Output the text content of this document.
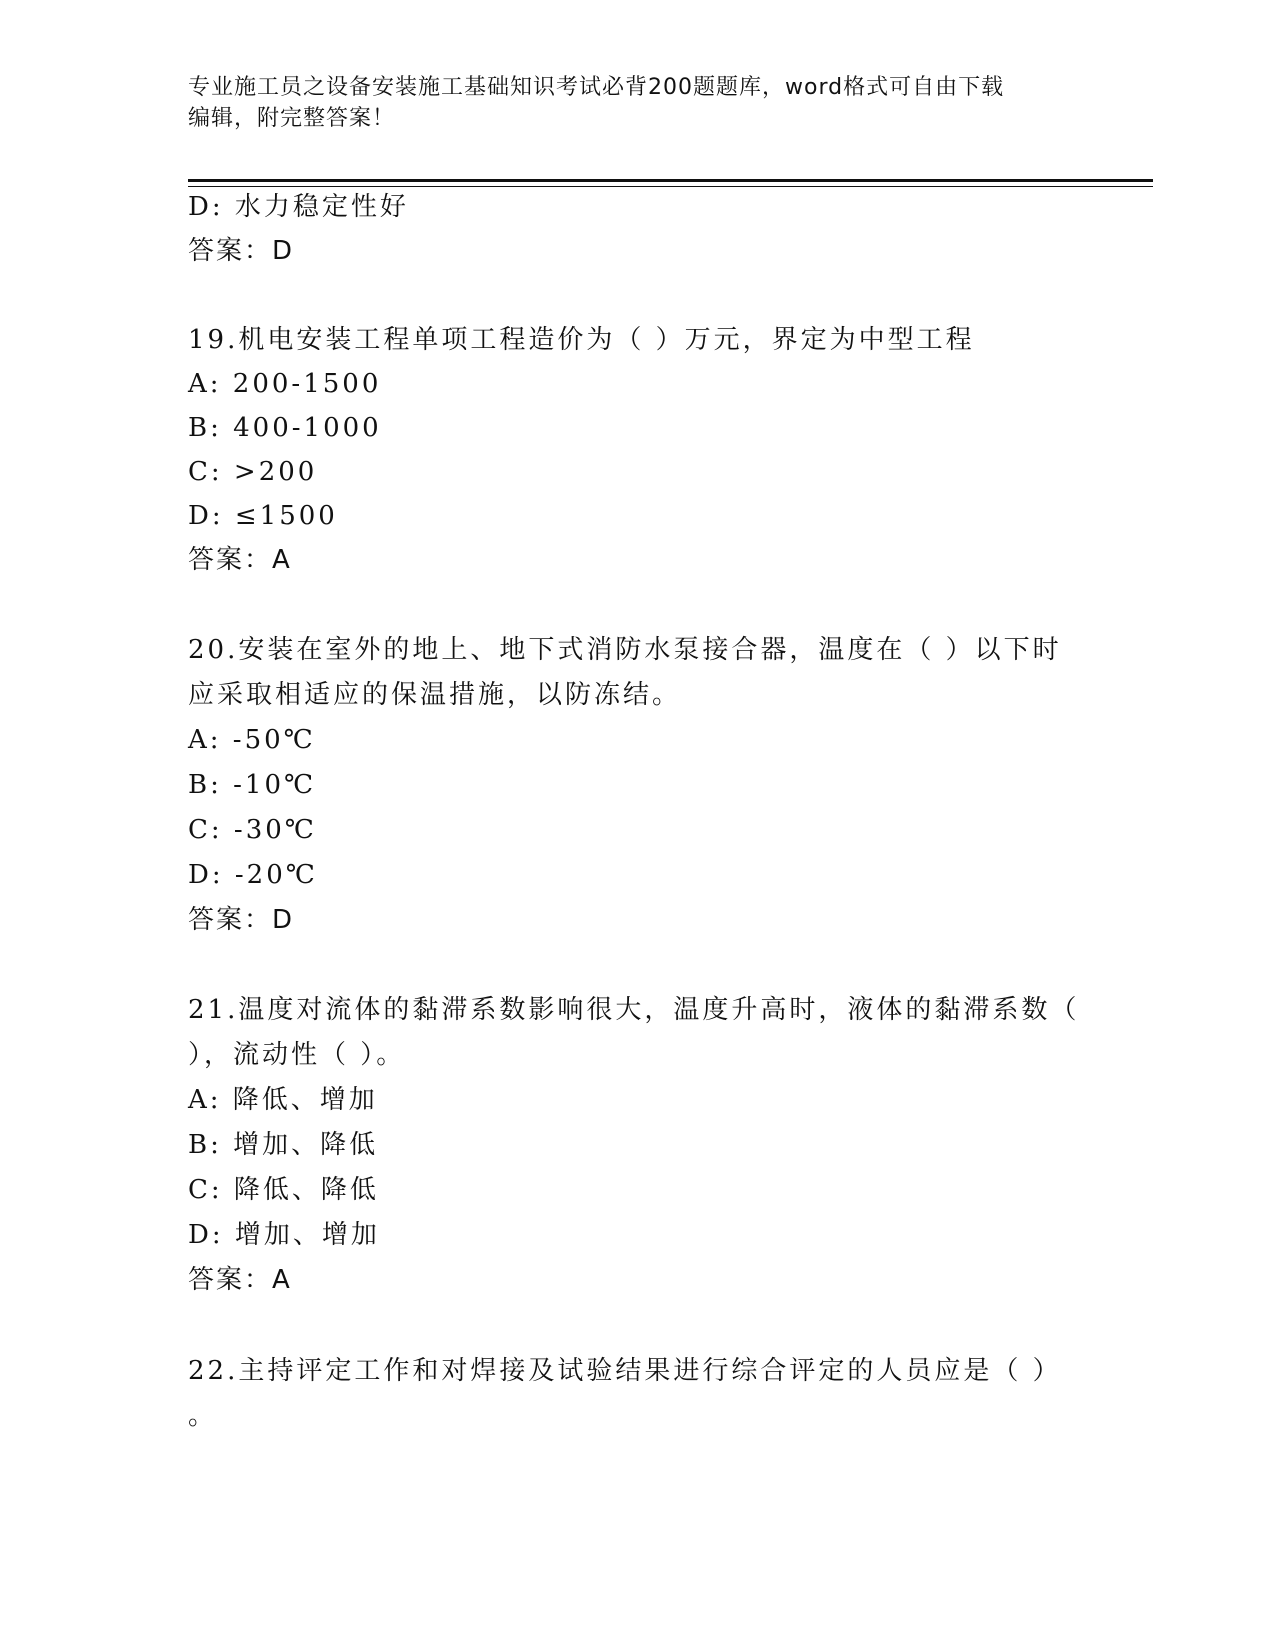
专业施工员之设备安装施工基础知识考试必背200题题库，word格式可自由下载
编辑，附完整答案！
D: 水力稳定性好
答案：D
19.机电安装工程单项工程造价为（ ）万元，界定为中型工程
A: 200-1500
B: 400-1000
C: >200
D: ≤1500
答案：A
20.安装在室外的地上、地下式消防水泵接合器，温度在（ ）以下时
应采取相适应的保温措施，以防冻结。
A: -50℃
B: -10℃
C: -30℃
D: -20℃
答案：D
21.温度对流体的黏滞系数影响很大，温度升高时，液体的黏滞系数（
），流动性（ ）。
A: 降低、增加
B: 增加、降低
C: 降低、降低
D: 增加、增加
答案：A
22.主持评定工作和对焊接及试验结果进行综合评定的人员应是（ ）
。
